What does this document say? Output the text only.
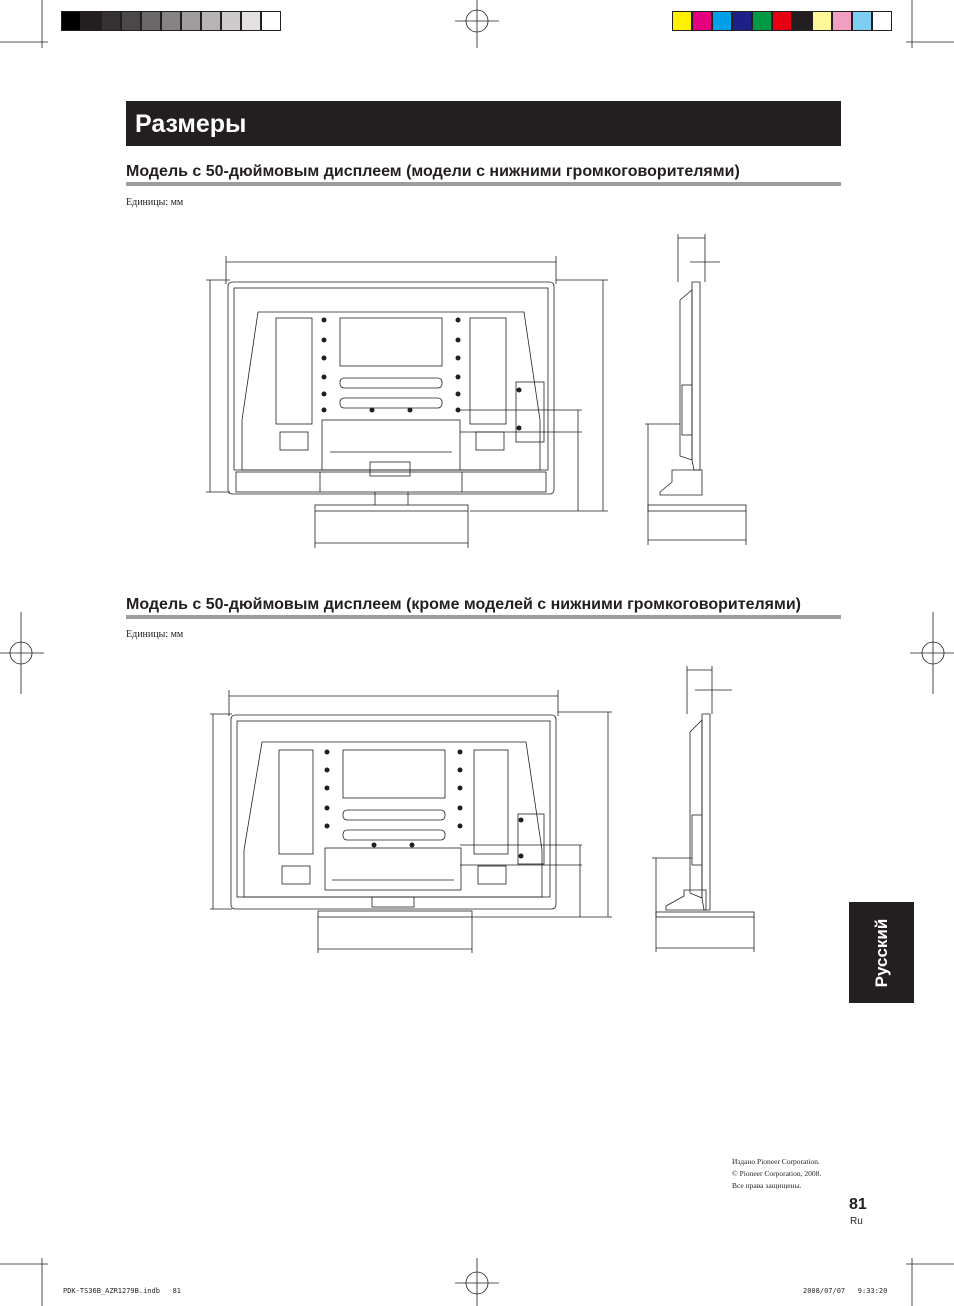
Размеры
Модель с 50-дюймовым дисплеем (модели с нижними громкоговорителями)
Единицы: мм
Модель с 50-дюймовым дисплеем (кроме моделей с нижними громкоговорителями)
Единицы: мм
Русский
Издано Pioneer Corporation.
© Pioneer Corporation, 2008.
Все права защищены.
81
Ru
PDK-TS36B_AZR1279B.indb   81	2008/07/07   9:33:20
